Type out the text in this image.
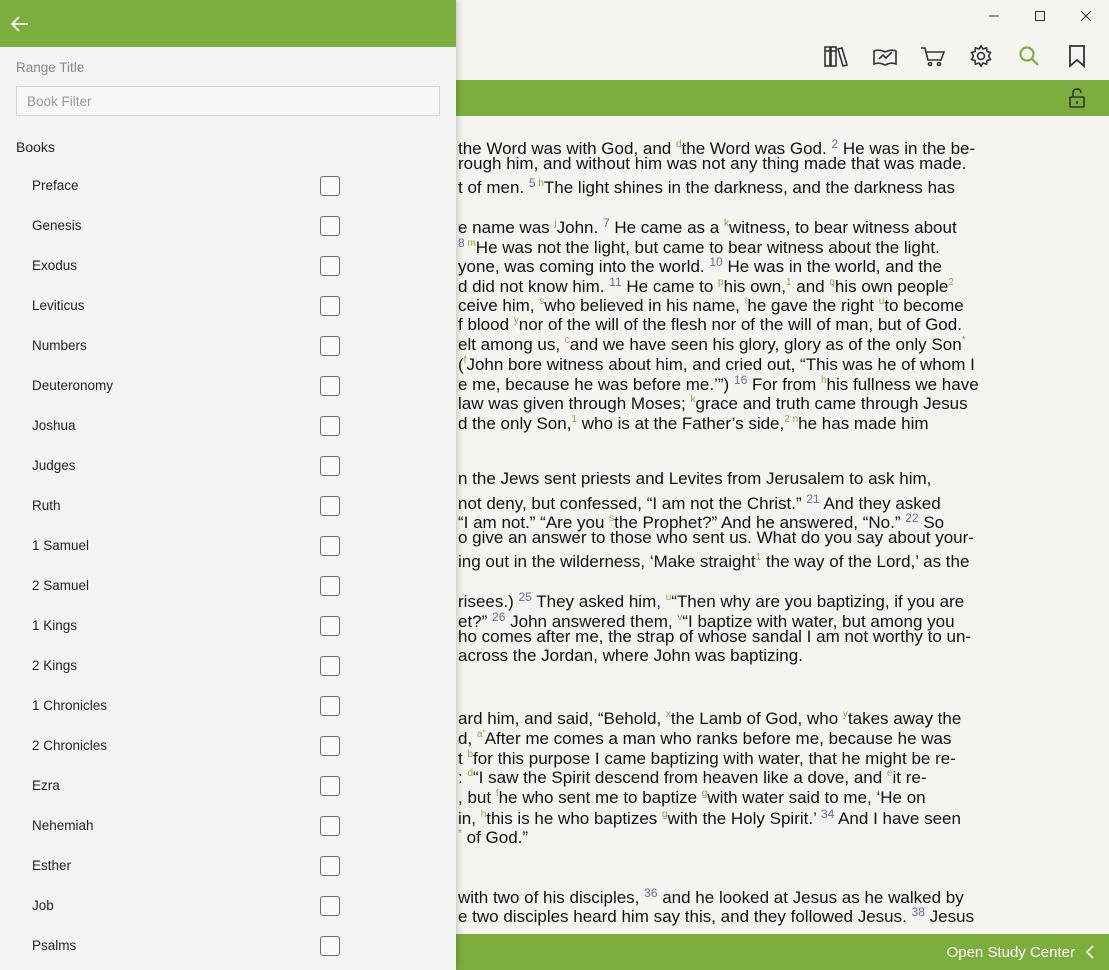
the Word was with God, and $^d$the Word was God. $^2$ He was in the be-
rough him, and without him was not any thing made that was made.
t of men. $^5$ $^h$The light shines in the darkness, and the darkness has
e name was $^j$John. $^7$ He came as a $^k$witness, to bear witness about
$^8$ $^m$He was not the light, but came to bear witness about the light.
yone, was coming into the world. $^{10}$ He was in the world, and the
d did not know him. $^{11}$ He came to $^p$his own,$^1$ and $^q$his own people$^2$
ceive him, $^s$who believed in his name, $^t$he gave the right $^u$to become
f blood $^y$nor of the will of the flesh nor of the will of man, but of God.
elt among us, $^c$and we have seen his glory, glory as of the only Son*
($^f$John bore witness about him, and cried out, “This was he of whom I
e me, because he was before me.’”) $^{16}$ For from $^h$his fullness we have
law was given through Moses; $^k$grace and truth came through Jesus
d the only Son,$^1$ who is at the Father’s side,$^2$ $^n$he has made him
n the Jews sent priests and Levites from Jerusalem to ask him,
not deny, but confessed, “I am not the Christ.” $^{21}$ And they asked
“I am not.” “Are you $^s$the Prophet?” And he answered, “No.” $^{22}$ So
o give an answer to those who sent us. What do you say about your-
ing out in the wilderness, ‘Make straight$^1$ the way of the Lord,’ as the
risees.) $^{25}$ They asked him, $^u$“Then why are you baptizing, if you are
et?” $^{26}$ John answered them, $^v$“I baptize with water, but among you
ho comes after me, the strap of whose sandal I am not worthy to un-
across the Jordan, where John was baptizing.
ard him, and said, “Behold, $^x$the Lamb of God, who $^y$takes away the
d, $^{a’}$After me comes a man who ranks before me, because he was
t $^b$for this purpose I came baptizing with water, that he might be re-
: $^d$“I saw the Spirit descend from heaven like a dove, and $^e$it re-
, but $^f$he who sent me to baptize $^g$with water said to me, ‘He on
in, $^h$this is he who baptizes $^g$with the Holy Spirit.’ $^{34}$ And I have seen
* of God.”
with two of his disciples, $^{36}$ and he looked at Jesus as he walked by
e two disciples heard him say this, and they followed Jesus. $^{38}$ Jesus
Open Study Center
Range Title
Book Filter
Books
Preface
Genesis
Exodus
Leviticus
Numbers
Deuteronomy
Joshua
Judges
Ruth
1 Samuel
2 Samuel
1 Kings
2 Kings
1 Chronicles
2 Chronicles
Ezra
Nehemiah
Esther
Job
Psalms
